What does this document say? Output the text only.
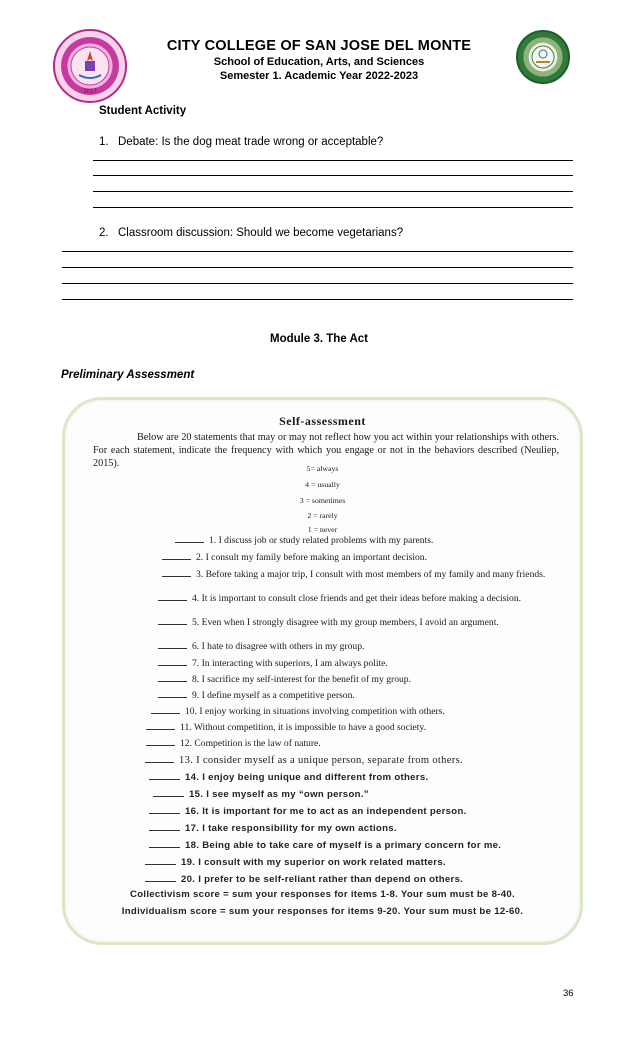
2017
CITY COLLEGE OF SAN JOSE DEL MONTE
School of Education, Arts, and Sciences
Semester 1. Academic Year 2022-2023
Student Activity
1. Debate: Is the dog meat trade wrong or acceptable?
2. Classroom discussion: Should we become vegetarians?
Module 3. The Act
Preliminary Assessment
Self-assessment
Below are 20 statements that may or may not reflect how you act within your relationships with others. For each statement, indicate the frequency with which you engage or not in the behaviors described (Neuliep, 2015).	5= always
4 = usually
3 = sometimes
2 = rarely
1 = never
1. I discuss job or study related problems with my parents.
2. I consult my family before making an important decision.
3. Before taking a major trip, I consult with most members of my family and many friends.
4. It is important to consult close friends and get their ideas before making a decision.
5. Even when I strongly disagree with my group members, I avoid an argument.
6. I hate to disagree with others in my group.
7. In interacting with superiors, I am always polite.
8. I sacrifice my self-interest for the benefit of my group.
9. I define myself as a competitive person.
10. I enjoy working in situations involving competition with others.
11. Without competition, it is impossible to have a good society.
12. Competition is the law of nature.
13. I consider myself as a unique person, separate from others.
14. I enjoy being unique and different from others.
15. I see myself as my “own person.”
16. It is important for me to act as an independent person.
17. I take responsibility for my own actions.
18. Being able to take care of myself is a primary concern for me.
19. I consult with my superior on work related matters.
20. I prefer to be self-reliant rather than depend on others.
Collectivism score = sum your responses for items 1-8. Your sum must be 8-40.
Individualism score = sum your responses for items 9-20. Your sum must be 12-60.
36
